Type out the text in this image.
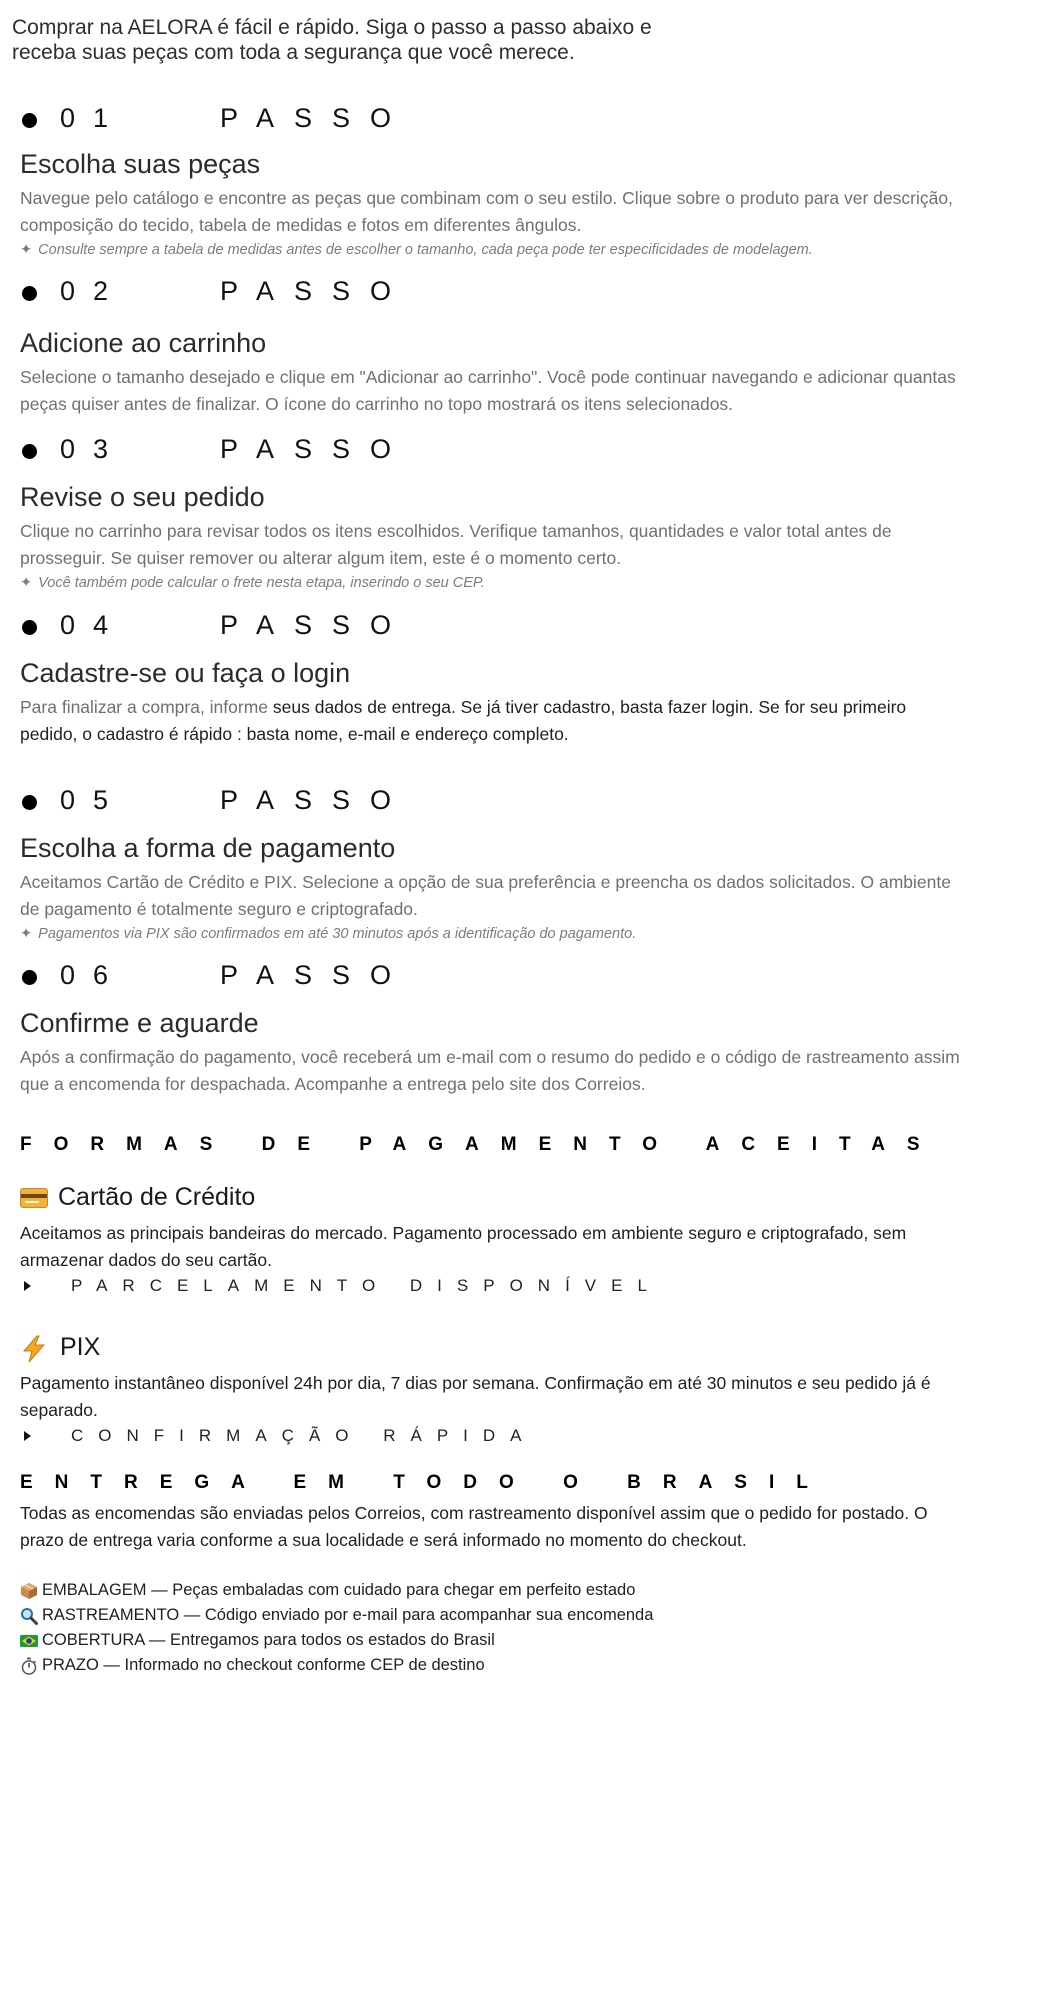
Comprar na AELORA é fácil e rápido. Siga o passo a passo abaixo e receba suas peças com toda a segurança que você merece.
01	PASSO
Escolha suas peças
Navegue pelo catálogo e encontre as peças que combinam com o seu estilo. Clique sobre o produto para ver descrição, composição do tecido, tabela de medidas e fotos em diferentes ângulos.
✦ Consulte sempre a tabela de medidas antes de escolher o tamanho, cada peça pode ter especificidades de modelagem.
02	PASSO
Adicione ao carrinho
Selecione o tamanho desejado e clique em "Adicionar ao carrinho". Você pode continuar navegando e adicionar quantas peças quiser antes de finalizar. O ícone do carrinho no topo mostrará os itens selecionados.
03	PASSO
Revise o seu pedido
Clique no carrinho para revisar todos os itens escolhidos. Verifique tamanhos, quantidades e valor total antes de prosseguir. Se quiser remover ou alterar algum item, este é o momento certo.
✦ Você também pode calcular o frete nesta etapa, inserindo o seu CEP.
04	PASSO
Cadastre-se ou faça o login
Para finalizar a compra, informe seus dados de entrega. Se já tiver cadastro, basta fazer login. Se for seu primeiro pedido, o cadastro é rápido : basta nome, e-mail e endereço completo.
05	PASSO
Escolha a forma de pagamento
Aceitamos Cartão de Crédito e PIX. Selecione a opção de sua preferência e preencha os dados solicitados. O ambiente de pagamento é totalmente seguro e criptografado.
✦ Pagamentos via PIX são confirmados em até 30 minutos após a identificação do pagamento.
06	PASSO
Confirme e aguarde
Após a confirmação do pagamento, você receberá um e-mail com o resumo do pedido e o código de rastreamento assim que a encomenda for despachada. Acompanhe a entrega pelo site dos Correios.
FORMAS DE PAGAMENTO ACEITAS
Cartão de Crédito
Aceitamos as principais bandeiras do mercado. Pagamento processado em ambiente seguro e criptografado, sem armazenar dados do seu cartão.
PARCELAMENTO DISPONÍVEL
PIX
Pagamento instantâneo disponível 24h por dia, 7 dias por semana. Confirmação em até 30 minutos e seu pedido já é separado.
CONFIRMAÇÃO RÁPIDA
ENTREGA EM TODO O BRASIL
Todas as encomendas são enviadas pelos Correios, com rastreamento disponível assim que o pedido for postado. O prazo de entrega varia conforme a sua localidade e será informado no momento do checkout.
EMBALAGEM — Peças embaladas com cuidado para chegar em perfeito estado
RASTREAMENTO — Código enviado por e-mail para acompanhar sua encomenda
COBERTURA — Entregamos para todos os estados do Brasil
PRAZO — Informado no checkout conforme CEP de destino
